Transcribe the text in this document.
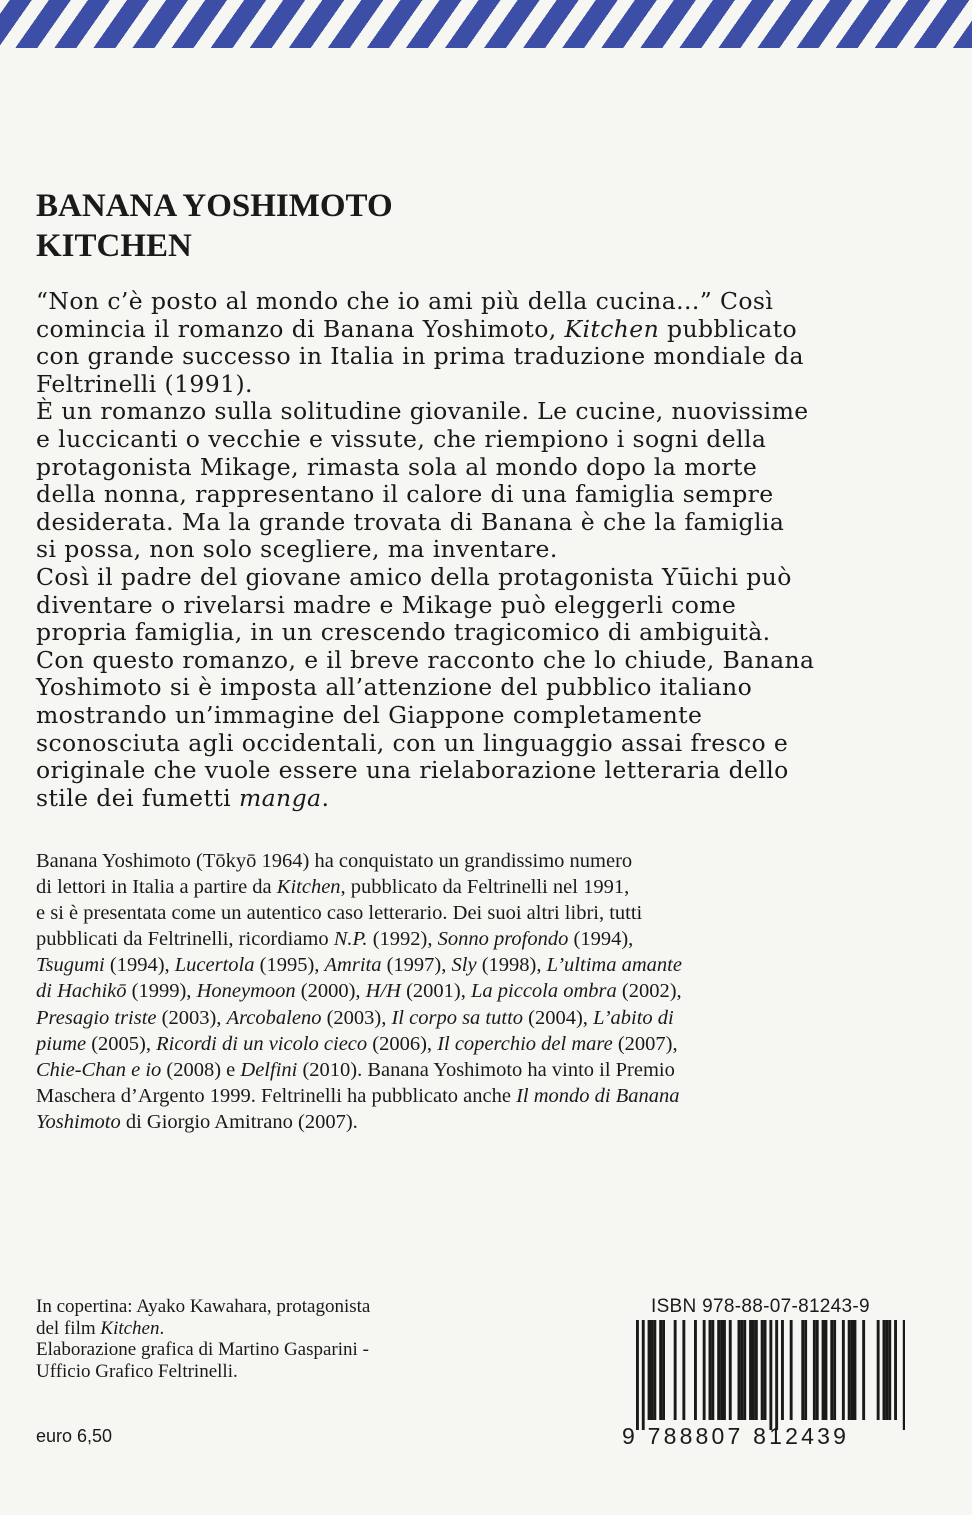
BANANA YOSHIMOTO
KITCHEN
“Non c’è posto al mondo che io ami più della cucina...” Così
comincia il romanzo di Banana Yoshimoto, Kitchen pubblicato
con grande successo in Italia in prima traduzione mondiale da
Feltrinelli (1991).
È un romanzo sulla solitudine giovanile. Le cucine, nuovissime
e luccicanti o vecchie e vissute, che riempiono i sogni della
protagonista Mikage, rimasta sola al mondo dopo la morte
della nonna, rappresentano il calore di una famiglia sempre
desiderata. Ma la grande trovata di Banana è che la famiglia
si possa, non solo scegliere, ma inventare.
Così il padre del giovane amico della protagonista Yūichi può
diventare o rivelarsi madre e Mikage può eleggerli come
propria famiglia, in un crescendo tragicomico di ambiguità.
Con questo romanzo, e il breve racconto che lo chiude, Banana
Yoshimoto si è imposta all’attenzione del pubblico italiano
mostrando un’immagine del Giappone completamente
sconosciuta agli occidentali, con un linguaggio assai fresco e
originale che vuole essere una rielaborazione letteraria dello
stile dei fumetti manga.
Banana Yoshimoto (Tōkyō 1964) ha conquistato un grandissimo numero
di lettori in Italia a partire da Kitchen, pubblicato da Feltrinelli nel 1991,
e si è presentata come un autentico caso letterario. Dei suoi altri libri, tutti
pubblicati da Feltrinelli, ricordiamo N.P. (1992), Sonno profondo (1994),
Tsugumi (1994), Lucertola (1995), Amrita (1997), Sly (1998), L’ultima amante
di Hachikō (1999), Honeymoon (2000), H/H (2001), La piccola ombra (2002),
Presagio triste (2003), Arcobaleno (2003), Il corpo sa tutto (2004), L’abito di
piume (2005), Ricordi di un vicolo cieco (2006), Il coperchio del mare (2007),
Chie-Chan e io (2008) e Delfini (2010). Banana Yoshimoto ha vinto il Premio
Maschera d’Argento 1999. Feltrinelli ha pubblicato anche Il mondo di Banana
Yoshimoto di Giorgio Amitrano (2007).
In copertina: Ayako Kawahara, protagonista
del film Kitchen.
Elaborazione grafica di Martino Gasparini -
Ufficio Grafico Feltrinelli.
euro 6,50
ISBN 978-88-07-81243-9
9 788807 812439
